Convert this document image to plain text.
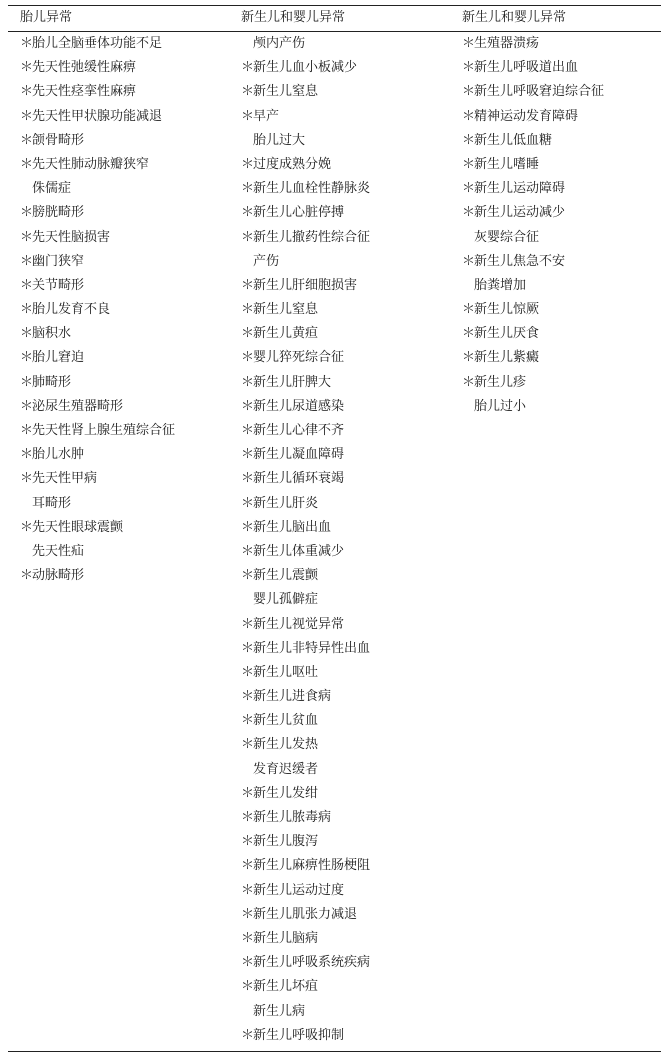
胎儿异常	新生儿和婴儿异常	新生儿和婴儿异常
＊胎儿全脑垂体功能不足
＊先天性弛缓性麻痹
＊先天性痉挛性麻痹
＊先天性甲状腺功能减退
＊颌骨畸形
＊先天性肺动脉瓣狭窄
侏儒症
＊膀胱畸形
＊先天性脑损害
＊幽门狭窄
＊关节畸形
＊胎儿发育不良
＊脑积水
＊胎儿窘迫
＊肺畸形
＊泌尿生殖器畸形
＊先天性肾上腺生殖综合征
＊胎儿水肿
＊先天性甲病
耳畸形
＊先天性眼球震颤
先天性疝
＊动脉畸形
颅内产伤
＊新生儿血小板减少
＊新生儿窒息
＊早产
胎儿过大
＊过度成熟分娩
＊新生儿血栓性静脉炎
＊新生儿心脏停搏
＊新生儿撤药性综合征
产伤
＊新生儿肝细胞损害
＊新生儿窒息
＊新生儿黄疸
＊婴儿猝死综合征
＊新生儿肝脾大
＊新生儿尿道感染
＊新生儿心律不齐
＊新生儿凝血障碍
＊新生儿循环衰竭
＊新生儿肝炎
＊新生儿脑出血
＊新生儿体重减少
＊新生儿震颤
婴儿孤僻症
＊新生儿视觉异常
＊新生儿非特异性出血
＊新生儿呕吐
＊新生儿进食病
＊新生儿贫血
＊新生儿发热
发育迟缓者
＊新生儿发绀
＊新生儿脓毒病
＊新生儿腹泻
＊新生儿麻痹性肠梗阻
＊新生儿运动过度
＊新生儿肌张力减退
＊新生儿脑病
＊新生儿呼吸系统疾病
＊新生儿坏疽
新生儿病
＊新生儿呼吸抑制
＊生殖器溃疡
＊新生儿呼吸道出血
＊新生儿呼吸窘迫综合征
＊精神运动发育障碍
＊新生儿低血糖
＊新生儿嗜睡
＊新生儿运动障碍
＊新生儿运动减少
灰婴综合征
＊新生儿焦急不安
胎粪增加
＊新生儿惊厥
＊新生儿厌食
＊新生儿紫癜
＊新生儿疹
胎儿过小
